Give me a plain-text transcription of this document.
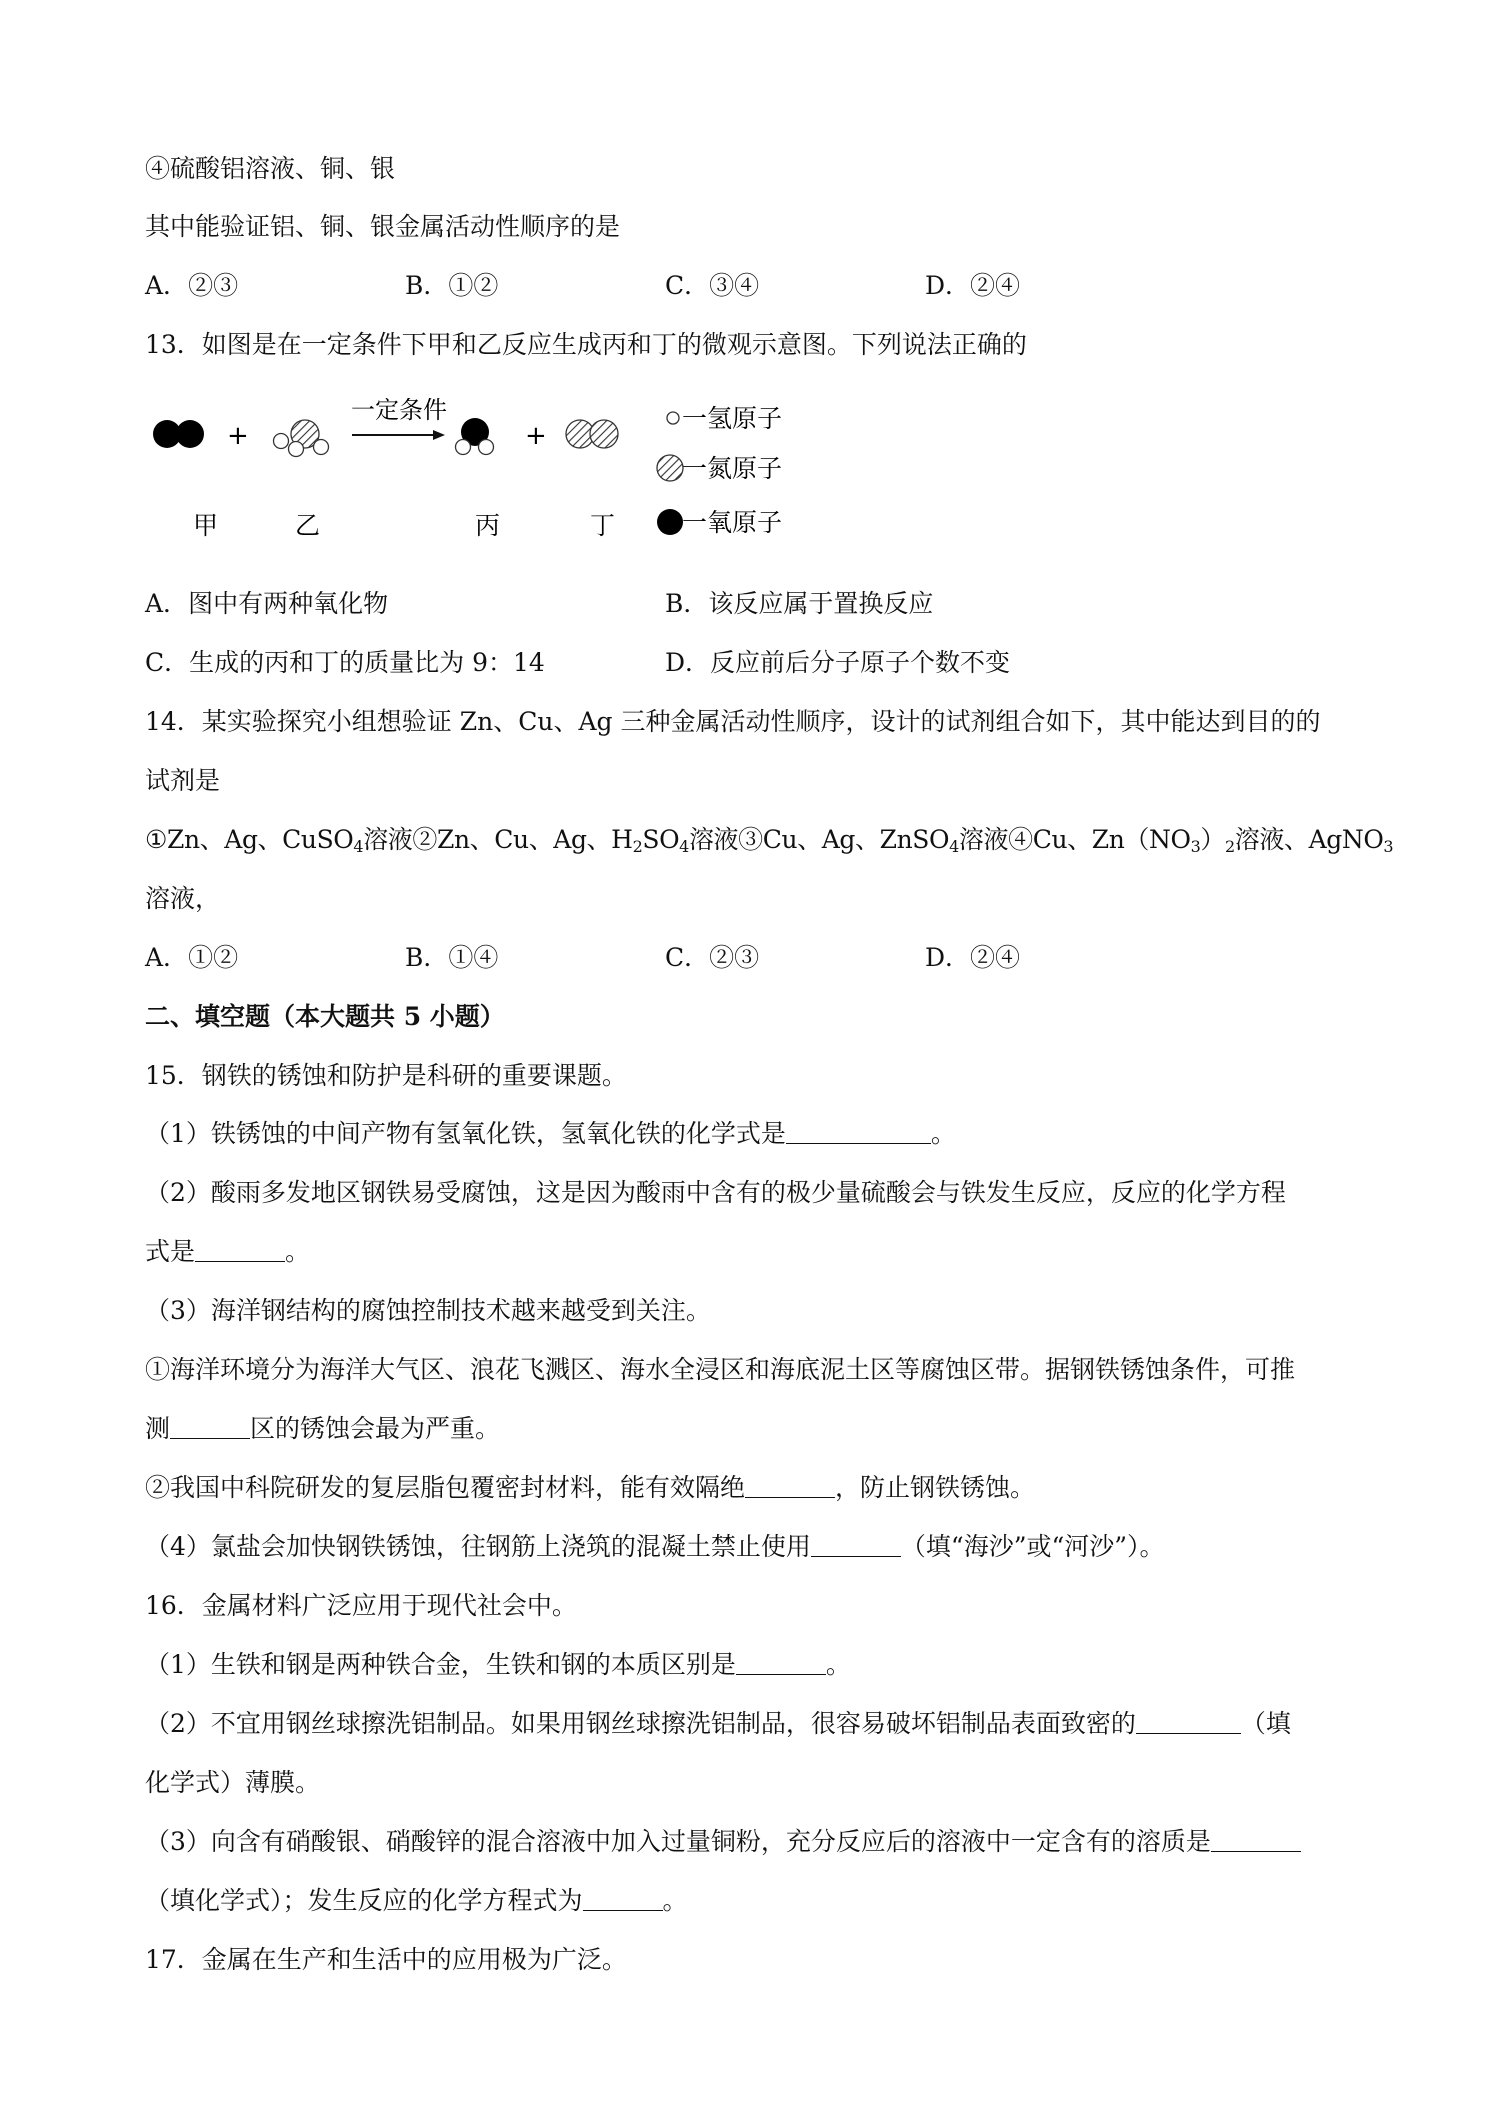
④硫酸铝溶液、铜、银
其中能验证铝、铜、银金属活动性顺序的是
A．②③	B．①②	C．③④	D．②④
13．如图是在一定条件下甲和乙反应生成丙和丁的微观示意图。下列说法正确的
+
一定条件
+
一氢原子
一氮原子
一氧原子
甲	乙	丙	丁
A．图中有两种氧化物	B．该反应属于置换反应
C．生成的丙和丁的质量比为 9：14	D．反应前后分子原子个数不变
14．某实验探究小组想验证 Zn、Cu、Ag 三种金属活动性顺序，设计的试剂组合如下，其中能达到目的的
试剂是
①Zn、Ag、CuSO$_4$溶液②Zn、Cu、Ag、$H_2SO_4$溶液③Cu、Ag、ZnSO$_4$溶液④Cu、$Zn(NO_3)_2$溶液、AgNO$_3$
溶液，
A．①②	B．①④	C．②③	D．②④
二、填空题（本大题共 5 小题）
15．钢铁的锈蚀和防护是科研的重要课题。
（1）铁锈蚀的中间产物有氢氧化铁，氢氧化铁的化学式是	。
（2）酸雨多发地区钢铁易受腐蚀，这是因为酸雨中含有的极少量硫酸会与铁发生反应，反应的化学方程
式是	。
（3）海洋钢结构的腐蚀控制技术越来越受到关注。
①海洋环境分为海洋大气区、浪花飞溅区、海水全浸区和海底泥土区等腐蚀区带。据钢铁锈蚀条件，可推
测	区的锈蚀会最为严重。
②我国中科院研发的复层脂包覆密封材料，能有效隔绝	，防止钢铁锈蚀。
（4）氯盐会加快钢铁锈蚀，往钢筋上浇筑的混凝土禁止使用	（填“海沙”或“河沙”）。
16．金属材料广泛应用于现代社会中。
（1）生铁和钢是两种铁合金，生铁和钢的本质区别是	。
（2）不宜用钢丝球擦洗铝制品。如果用钢丝球擦洗铝制品，很容易破坏铝制品表面致密的	（填
化学式）薄膜。
（3）向含有硝酸银、硝酸锌的混合溶液中加入过量铜粉，充分反应后的溶液中一定含有的溶质是
（填化学式）；发生反应的化学方程式为	。
17．金属在生产和生活中的应用极为广泛。
